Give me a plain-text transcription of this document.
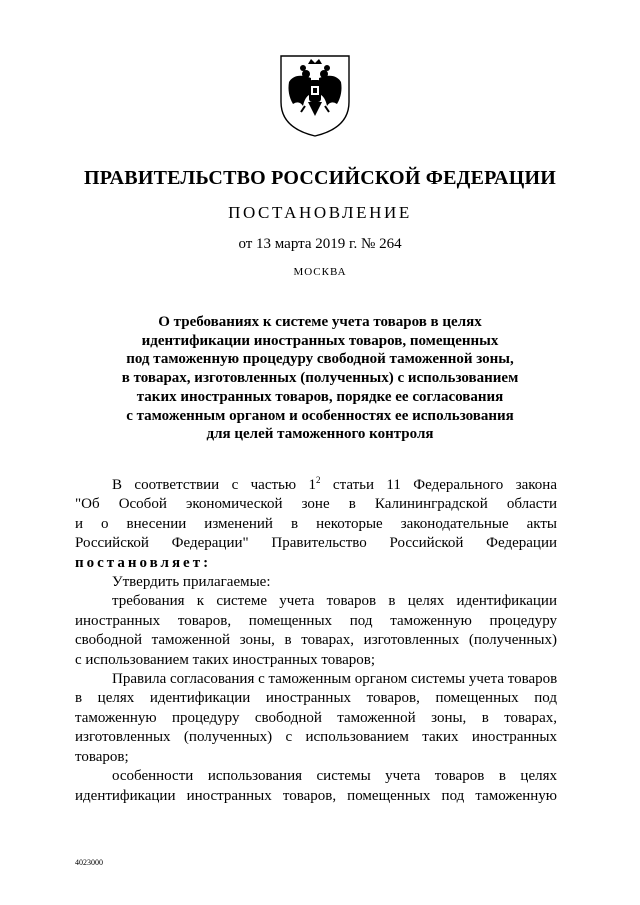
ПРАВИТЕЛЬСТВО РОССИЙСКОЙ ФЕДЕРАЦИИ
ПОСТАНОВЛЕНИЕ
от 13 марта 2019 г. № 264
МОСКВА
О требованиях к системе учета товаров в целях
идентификации иностранных товаров, помещенных
под таможенную процедуру свободной таможенной зоны,
в товарах, изготовленных (полученных) с использованием
таких иностранных товаров, порядке ее согласования
с таможенным органом и особенностях ее использования
для целей таможенного контроля
В соответствии с частью $1^2$ статьи 11 Федерального закона
"Об Особой экономической зоне в Калининградской области
и о внесении изменений в некоторые законодательные акты
Российской Федерации" Правительство Российской Федерации
постановляет:
Утвердить прилагаемые:
требования к системе учета товаров в целях идентификации
иностранных товаров, помещенных под таможенную процедуру
свободной таможенной зоны, в товарах, изготовленных (полученных)
с использованием таких иностранных товаров;
Правила согласования с таможенным органом системы учета товаров
в целях идентификации иностранных товаров, помещенных под
таможенную процедуру свободной таможенной зоны, в товарах,
изготовленных (полученных) с использованием таких иностранных
товаров;
особенности использования системы учета товаров в целях
идентификации иностранных товаров, помещенных под таможенную
4023000
